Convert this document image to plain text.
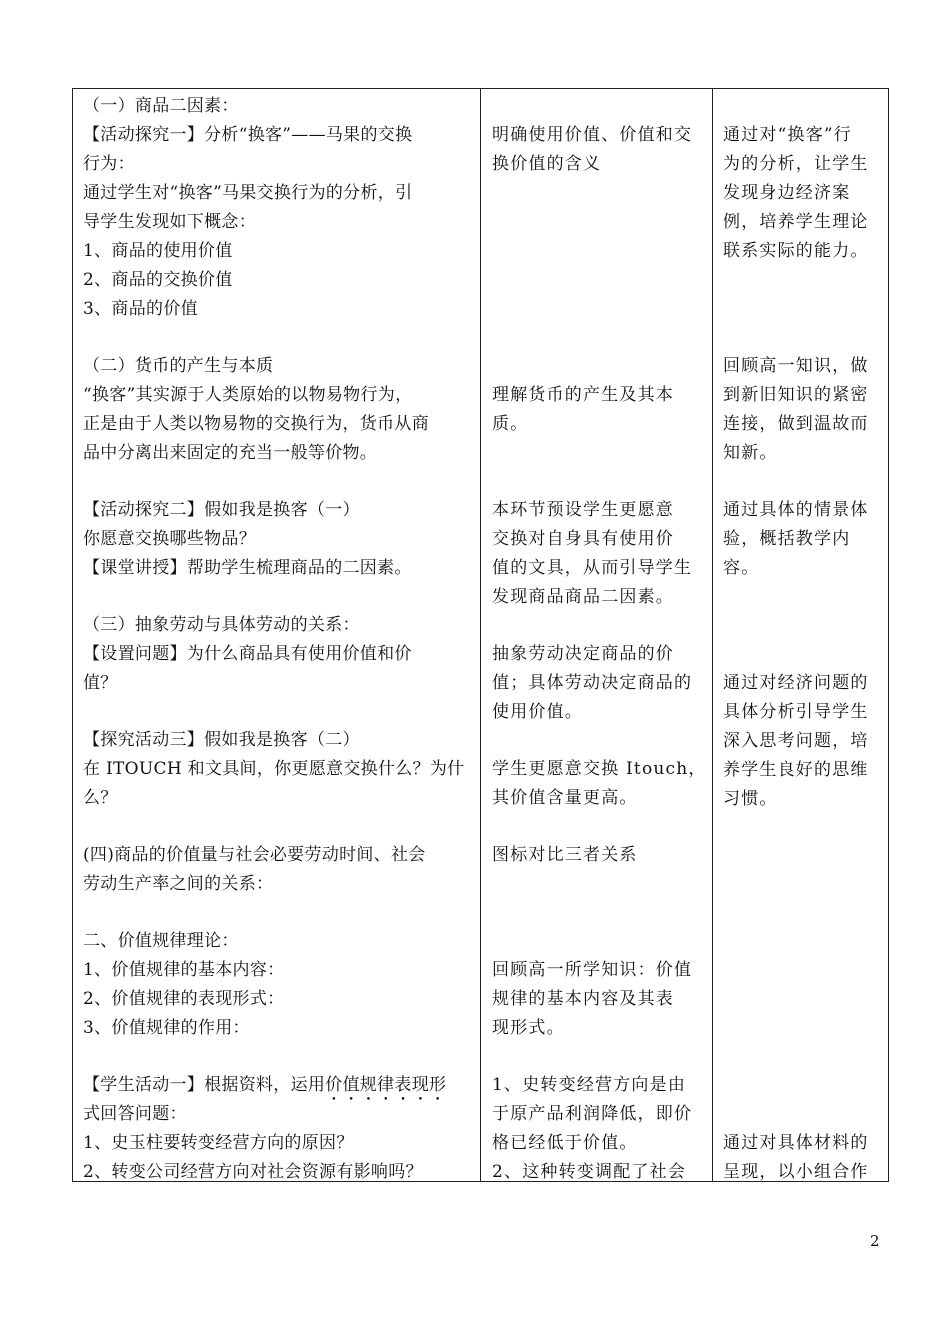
（一）商品二因素：
【活动探究一】分析“换客”——马果的交换
行为：
通过学生对“换客”马果交换行为的分析，引
导学生发现如下概念：
1、商品的使用价值
2、商品的交换价值
3、商品的价值
（二）货币的产生与本质
“换客”其实源于人类原始的以物易物行为，
正是由于人类以物易物的交换行为，货币从商
品中分离出来固定的充当一般等价物。
【活动探究二】假如我是换客（一）
你愿意交换哪些物品？
【课堂讲授】帮助学生梳理商品的二因素。
（三）抽象劳动与具体劳动的关系：
【设置问题】为什么商品具有使用价值和价
值？
【探究活动三】假如我是换客（二）
在 ITOUCH 和文具间，你更愿意交换什么？为什
么？
(四)商品的价值量与社会必要劳动时间、社会
劳动生产率之间的关系：
二、价值规律理论：
1、价值规律的基本内容：
2、价值规律的表现形式：
3、价值规律的作用：
【学生活动一】根据资料，运用价值规律表现形
式回答问题：
1、史玉柱要转变经营方向的原因？
2、转变公司经营方向对社会资源有影响吗？
明确使用价值、价值和交
换价值的含义
理解货币的产生及其本
质。
本环节预设学生更愿意
交换对自身具有使用价
值的文具，从而引导学生
发现商品商品二因素。
抽象劳动决定商品的价
值；具体劳动决定商品的
使用价值。
学生更愿意交换 Itouch，
其价值含量更高。
图标对比三者关系
回顾高一所学知识：价值
规律的基本内容及其表
现形式。
1、史转变经营方向是由
于原产品利润降低，即价
格已经低于价值。
2、这种转变调配了社会
通过对“换客”行
为的分析，让学生
发现身边经济案
例，培养学生理论
联系实际的能力。
回顾高一知识，做
到新旧知识的紧密
连接，做到温故而
知新。
通过具体的情景体
验，概括教学内
容。
通过对经济问题的
具体分析引导学生
深入思考问题，培
养学生良好的思维
习惯。
通过对具体材料的
呈现，以小组合作
2
